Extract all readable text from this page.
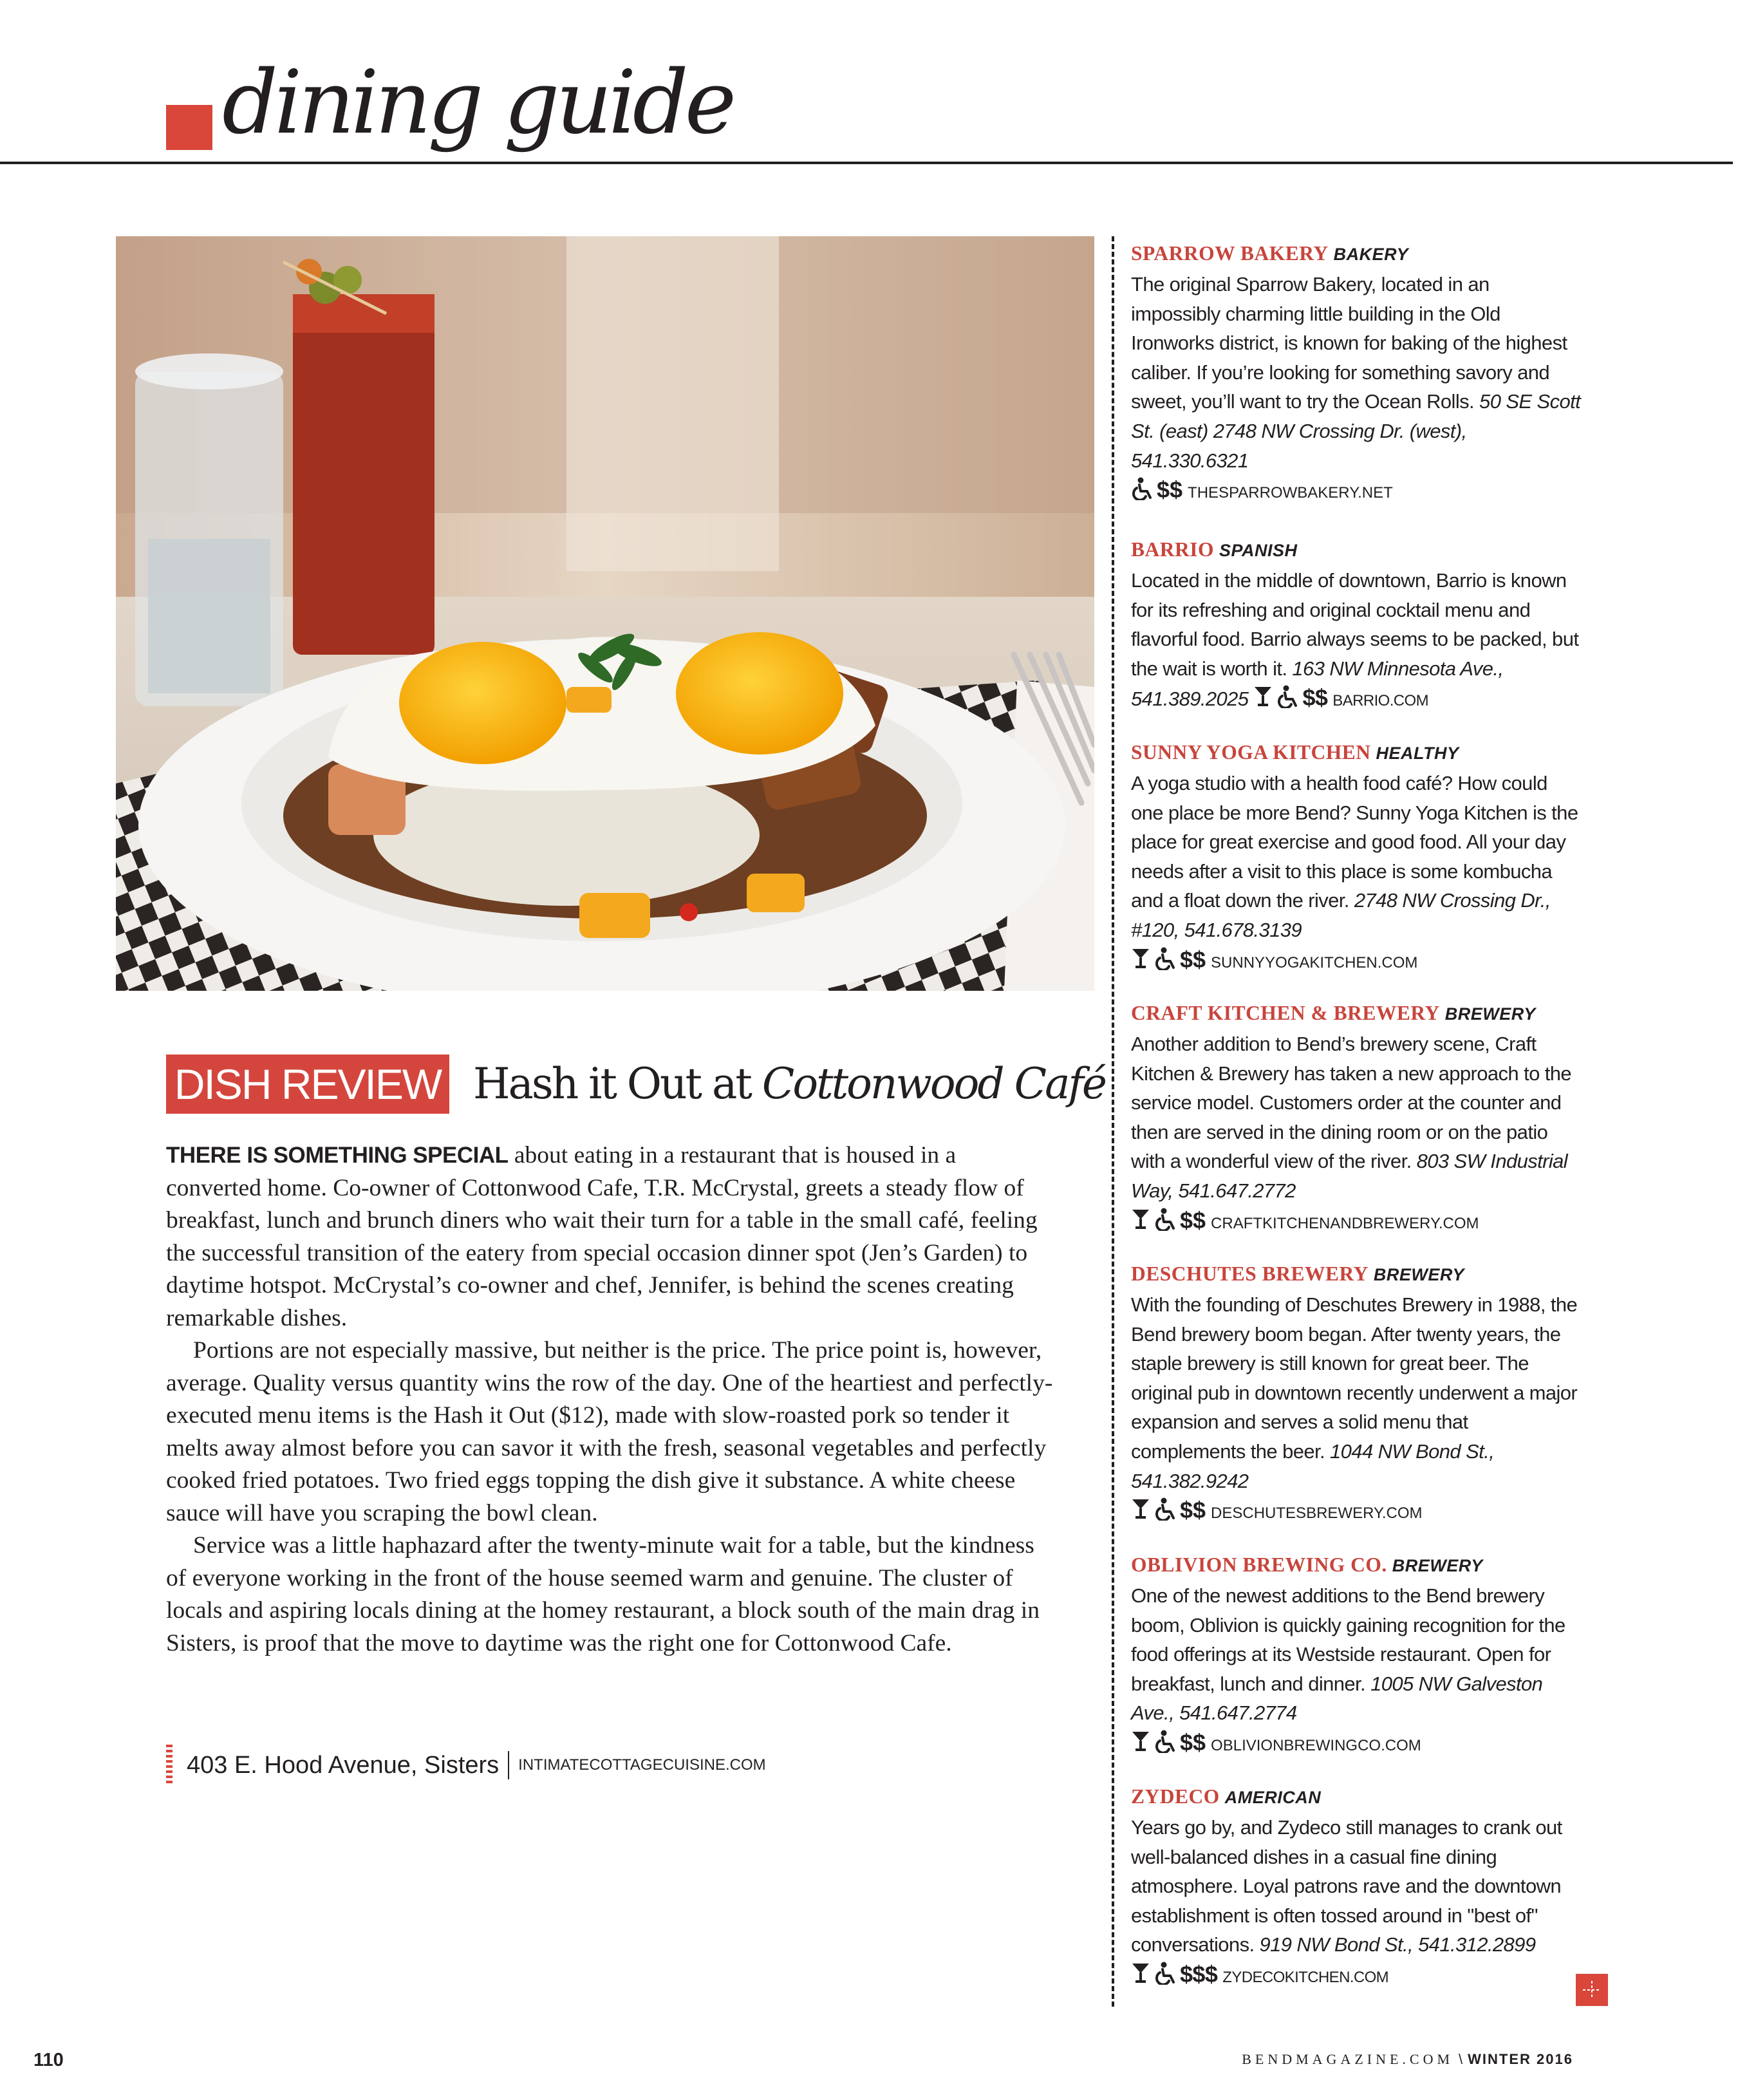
dining guide
DISH REVIEW Hash it Out at Cottonwood Café

THERE IS SOMETHING SPECIAL about eating in a restaurant that is housed in a converted home. Co-owner of Cottonwood Cafe, T.R. McCrystal, greets a steady flow of breakfast, lunch and brunch diners who wait their turn for a table in the small café, feeling the successful transition of the eatery from special occasion dinner spot (Jen’s Garden) to daytime hotspot. McCrystal’s co-owner and chef, Jennifer, is behind the scenes creating remarkable dishes.

Portions are not especially massive, but neither is the price. The price point is, however, average. Quality versus quantity wins the row of the day. One of the heartiest and perfectly-executed menu items is the Hash it Out ($12), made with slow-roasted pork so tender it melts away almost before you can savor it with the fresh, seasonal vegetables and perfectly cooked fried potatoes. Two fried eggs topping the dish give it substance. A white cheese sauce will have you scraping the bowl clean.

Service was a little haphazard after the twenty-minute wait for a table, but the kindness of everyone working in the front of the house seemed warm and genuine. The cluster of locals and aspiring locals dining at the homey restaurant, a block south of the main drag in Sisters, is proof that the move to daytime was the right one for Cottonwood Cafe.

403 E. Hood Avenue, Sisters INTIMATECOTTAGECUISINE.COM
SPARROW BAKERY BAKERY
The original Sparrow Bakery, located in an impossibly charming little building in the Old Ironworks district, is known for baking of the highest caliber. If you’re looking for something savory and sweet, you’ll want to try the Ocean Rolls. 50 SE Scott St. (east) 2748 NW Crossing Dr. (west), 541.330.6321
$$ THESPARROWBAKERY.NET
BARRIO SPANISH
Located in the middle of downtown, Barrio is known for its refreshing and original cocktail menu and flavorful food. Barrio always seems to be packed, but the wait is worth it. 163 NW Minnesota Ave., 541.389.2025 $$ BARRIO.COM
SUNNY YOGA KITCHEN HEALTHY
A yoga studio with a health food café? How could one place be more Bend? Sunny Yoga Kitchen is the place for great exercise and good food. All your day needs after a visit to this place is some kombucha and a float down the river. 2748 NW Crossing Dr., #120, 541.678.3139
$$ SUNNYYOGAKITCHEN.COM
CRAFT KITCHEN & BREWERY BREWERY
Another addition to Bend’s brewery scene, Craft Kitchen & Brewery has taken a new approach to the service model. Customers order at the counter and then are served in the dining room or on the patio with a wonderful view of the river. 803 SW Industrial Way, 541.647.2772
$$ CRAFTKITCHENANDBREWERY.COM
DESCHUTES BREWERY BREWERY
With the founding of Deschutes Brewery in 1988, the Bend brewery boom began. After twenty years, the staple brewery is still known for great beer. The original pub in downtown recently underwent a major expansion and serves a solid menu that complements the beer. 1044 NW Bond St., 541.382.9242
$$ DESCHUTESBREWERY.COM
OBLIVION BREWING CO. BREWERY
One of the newest additions to the Bend brewery boom, Oblivion is quickly gaining recognition for the food offerings at its Westside restaurant. Open for breakfast, lunch and dinner. 1005 NW Galveston Ave., 541.647.2774
$$ OBLIVIONBREWINGCO.COM
ZYDECO AMERICAN
Years go by, and Zydeco still manages to crank out well-balanced dishes in a casual fine dining atmosphere. Loyal patrons rave and the downtown establishment is often tossed around in "best of" conversations. 919 NW Bond St., 541.312.2899 $$$ ZYDECOKITCHEN.COM
110	BENDMAGAZINE.COM \ WINTER 2016
